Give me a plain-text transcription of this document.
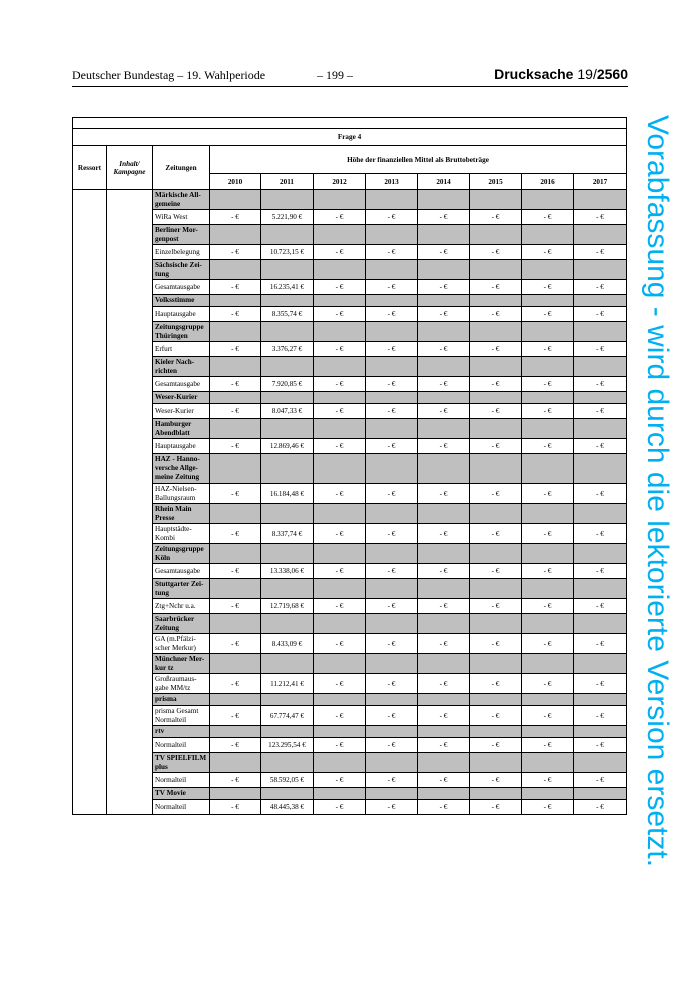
Deutscher Bundestag – 19. Wahlperiode	– 199 –	Drucksache 19/2560
Vorabfassung - wird durch die lektorierte Version ersetzt.

Frage 4										
Ressort	Inhalt/ Kampagne	Zeitungen	Höhe der finanziellen Mittel als Bruttobeträge							
			2010	2011	2012	2013	2014	2015	2016	2017
		Märkische All-gemeine								
		WiRa West	- €	5.221,90 €	- €	- €	- €	- €	- €	- €
		Berliner Mor-genpost								
		Einzelbelegung	- €	10.723,15 €	- €	- €	- €	- €	- €	- €
		Sächsische Zei-tung								
		Gesamtausgabe	- €	16.235,41 €	- €	- €	- €	- €	- €	- €
		Volksstimme								
		Hauptausgabe	- €	8.355,74 €	- €	- €	- €	- €	- €	- €
		Zeitungsgruppe Thüringen								
		Erfurt	- €	3.376,27 €	- €	- €	- €	- €	- €	- €
		Kieler Nach-richten								
		Gesamtausgabe	- €	7.920,85 €	- €	- €	- €	- €	- €	- €
		Weser-Kurier								
		Weser-Kurier	- €	8.047,33 €	- €	- €	- €	- €	- €	- €
		Hamburger Abendblatt								
		Hauptausgabe	- €	12.869,46 €	- €	- €	- €	- €	- €	- €
		HAZ - Hanno-versche Allge-meine Zeitung								
		HAZ-Nielsen-Ballungsraum	- €	16.184,48 €	- €	- €	- €	- €	- €	- €
		Rhein Main Presse								
		Hauptstädte-Kombi	- €	8.337,74 €	- €	- €	- €	- €	- €	- €
		Zeitungsgruppe Köln								
		Gesamtausgabe	- €	13.338,06 €	- €	- €	- €	- €	- €	- €
		Stuttgarter Zei-tung								
		Ztg+Nchr u.a.	- €	12.719,68 €	- €	- €	- €	- €	- €	- €
		Saarbrücker Zeitung								
		GA (m.Pfälzi-scher Merkur)	- €	8.433,09 €	- €	- €	- €	- €	- €	- €
		Münchner Mer-kur tz								
		Großraumaus-gabe MM/tz	- €	11.212,41 €	- €	- €	- €	- €	- €	- €
		prisma								
		prisma Gesamt Normalteil	- €	67.774,47 €	- €	- €	- €	- €	- €	- €
		rtv								
		Normalteil	- €	123.295,54 €	- €	- €	- €	- €	- €	- €
		TV SPIELFILM plus								
		Normalteil	- €	58.592,05 €	- €	- €	- €	- €	- €	- €
		TV Movie								
		Normalteil	- €	48.445,38 €	- €	- €	- €	- €	- €	- €
